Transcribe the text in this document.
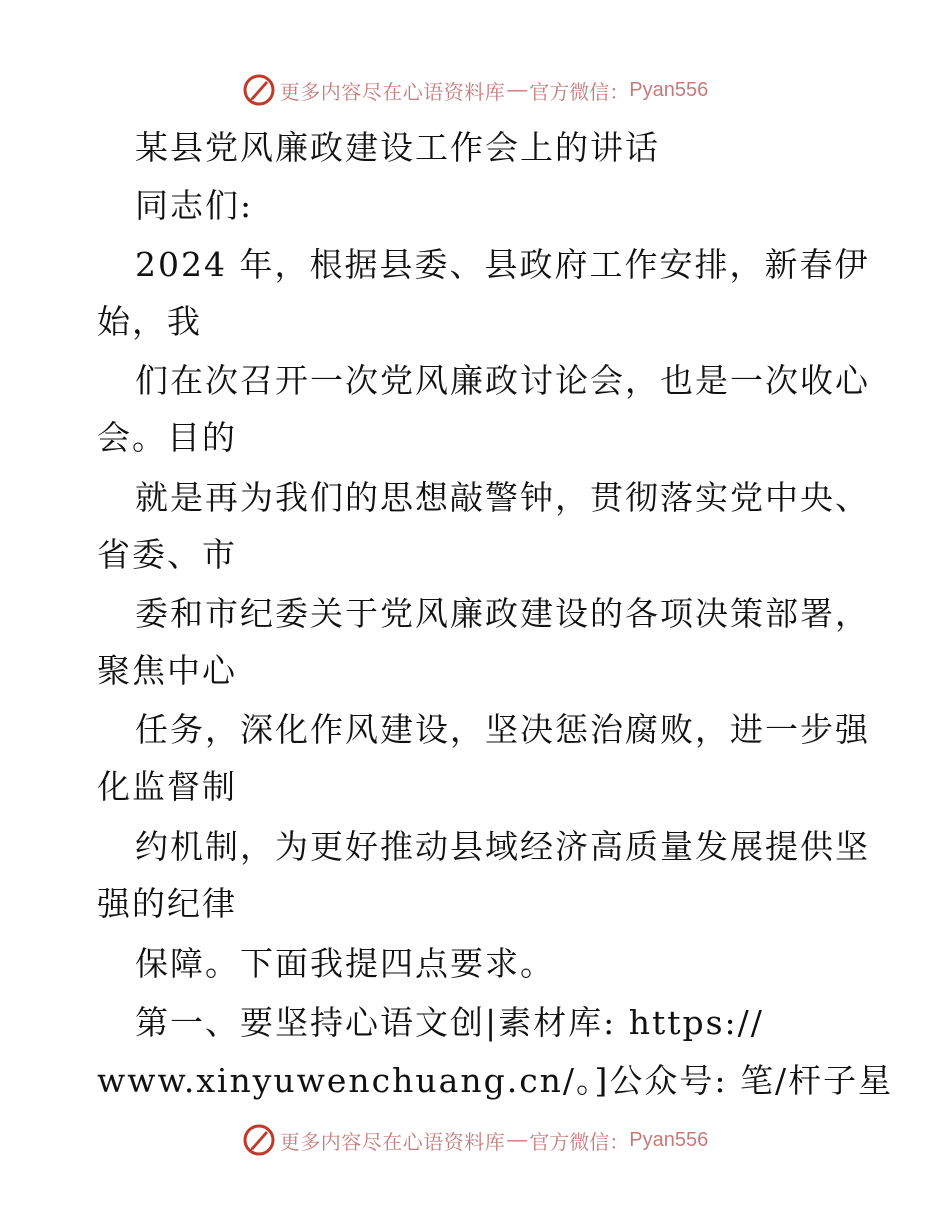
更多内容尽在心语资料库 — 官方微信： Pyan556
某县党风廉政建设工作会上的讲话
同志们:
2024 年，根据县委、县政府工作安排，新春伊
始，我
们在次召开一次党风廉政讨论会，也是一次收心
会。目的
就是再为我们的思想敲警钟，贯彻落实党中央、
省委、市
委和市纪委关于党风廉政建设的各项决策部署，
聚焦中心
任务，深化作风建设，坚决惩治腐败，进一步强
化监督制
约机制，为更好推动县域经济高质量发展提供坚
强的纪律
保障。下面我提四点要求。
第一、要坚持心语文创|素材库: https://
www.xinyuwenchuang.cn/。]公众号: 笔/杆子星
更多内容尽在心语资料库 — 官方微信： Pyan556
